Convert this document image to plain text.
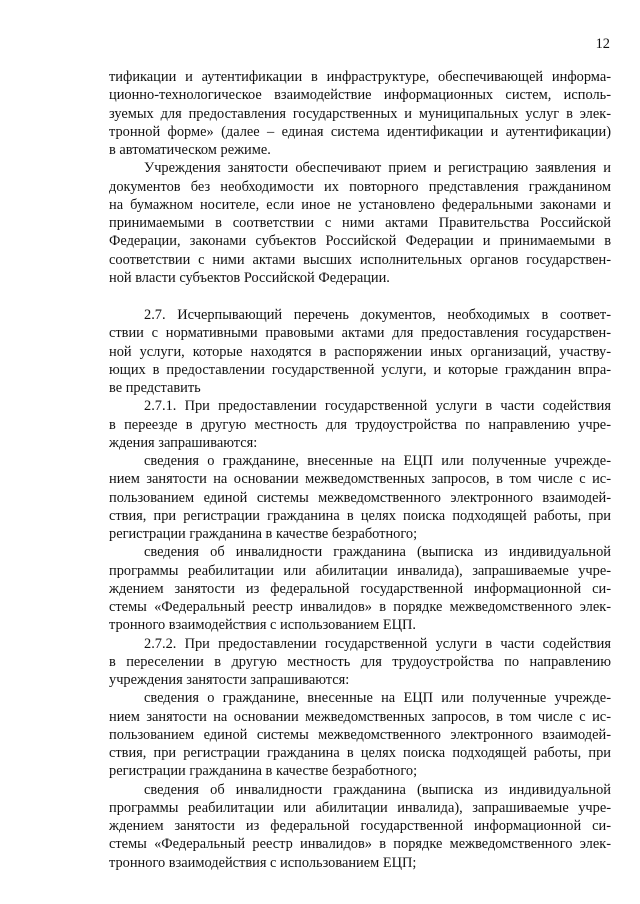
12
тификации и аутентификации в инфраструктуре, обеспечивающей информа-
ционно-технологическое взаимодействие информационных систем, исполь-
зуемых для предоставления государственных и муниципальных услуг в элек-
тронной форме» (далее – единая система идентификации и аутентификации)
в автоматическом режиме.
Учреждения занятости обеспечивают прием и регистрацию заявления и
документов без необходимости их повторного представления гражданином
на бумажном носителе, если иное не установлено федеральными законами и
принимаемыми в соответствии с ними актами Правительства Российской
Федерации, законами субъектов Российской Федерации и принимаемыми в
соответствии с ними актами высших исполнительных органов государствен-
ной власти субъектов Российской Федерации.
2.7. Исчерпывающий перечень документов, необходимых в соответ-
ствии с нормативными правовыми актами для предоставления государствен-
ной услуги, которые находятся в распоряжении иных организаций, участву-
ющих в предоставлении государственной услуги, и которые гражданин впра-
ве представить
2.7.1. При предоставлении государственной услуги в части содействия
в переезде в другую местность для трудоустройства по направлению учре-
ждения запрашиваются:
сведения о гражданине, внесенные на ЕЦП или полученные учрежде-
нием занятости на основании межведомственных запросов, в том числе с ис-
пользованием единой системы межведомственного электронного взаимодей-
ствия, при регистрации гражданина в целях поиска подходящей работы, при
регистрации гражданина в качестве безработного;
сведения об инвалидности гражданина (выписка из индивидуальной
программы реабилитации или абилитации инвалида), запрашиваемые учре-
ждением занятости из федеральной государственной информационной си-
стемы «Федеральный реестр инвалидов» в порядке межведомственного элек-
тронного взаимодействия с использованием ЕЦП.
2.7.2. При предоставлении государственной услуги в части содействия
в переселении в другую местность для трудоустройства по направлению
учреждения занятости запрашиваются:
сведения о гражданине, внесенные на ЕЦП или полученные учрежде-
нием занятости на основании межведомственных запросов, в том числе с ис-
пользованием единой системы межведомственного электронного взаимодей-
ствия, при регистрации гражданина в целях поиска подходящей работы, при
регистрации гражданина в качестве безработного;
сведения об инвалидности гражданина (выписка из индивидуальной
программы реабилитации или абилитации инвалида), запрашиваемые учре-
ждением занятости из федеральной государственной информационной си-
стемы «Федеральный реестр инвалидов» в порядке межведомственного элек-
тронного взаимодействия с использованием ЕЦП;
